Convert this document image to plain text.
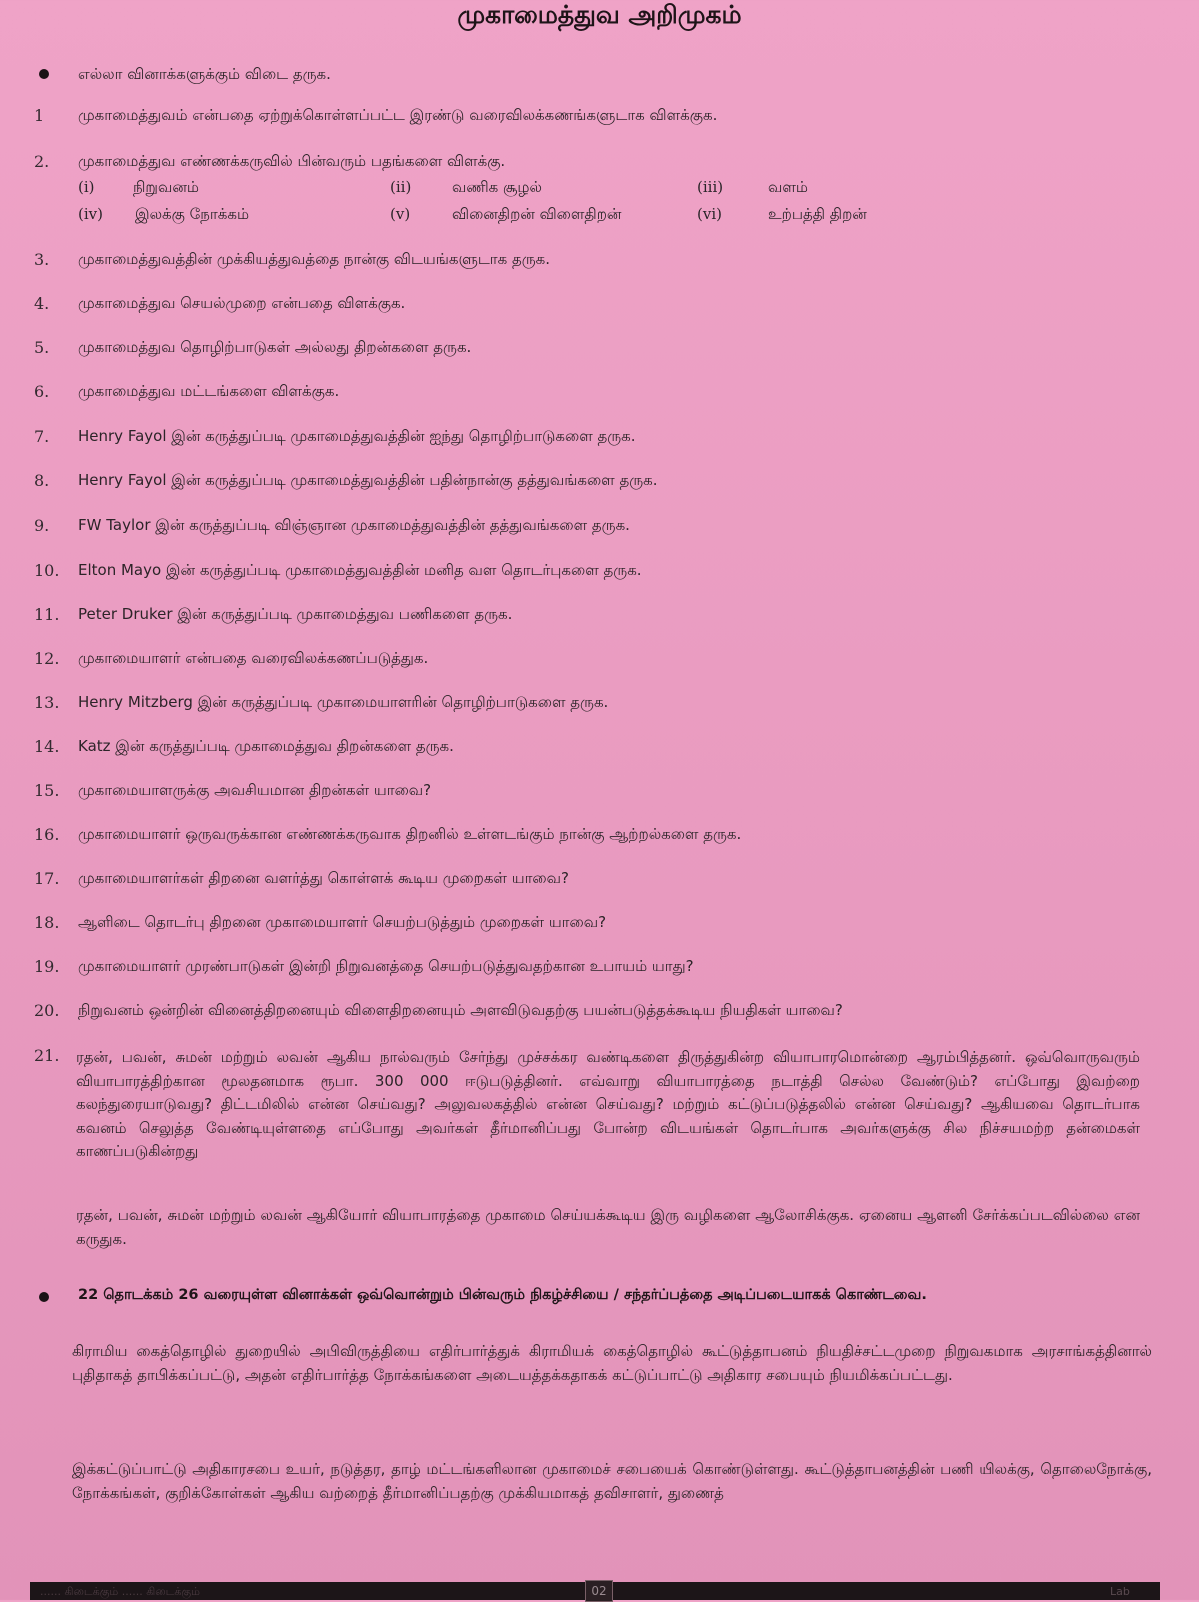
முகாமைத்துவ அறிமுகம்
எல்லா வினாக்களுக்கும் விடை தருக.
1 முகாமைத்துவம் என்பதை ஏற்றுக்கொள்ளப்பட்ட இரண்டு வரைவிலக்கணங்களுடாக விளக்குக.
2. முகாமைத்துவ எண்ணக்கருவில் பின்வரும் பதங்களை விளக்கு.
(i)	நிறுவனம்	(ii)	வணிக சூழல்	(iii)	வளம்
(iv) இலக்கு நோக்கம்	(v)	வினைதிறன் விளைதிறன்	(vi)	உற்பத்தி திறன்
3. முகாமைத்துவத்தின் முக்கியத்துவத்தை நான்கு விடயங்களுடாக தருக.
4. முகாமைத்துவ செயல்முறை என்பதை விளக்குக.
5. முகாமைத்துவ தொழிற்பாடுகள் அல்லது திறன்களை தருக.
6. முகாமைத்துவ மட்டங்களை விளக்குக.
7. Henry Fayol இன் கருத்துப்படி முகாமைத்துவத்தின் ஐந்து தொழிற்பாடுகளை தருக.
8. Henry Fayol இன் கருத்துப்படி முகாமைத்துவத்தின் பதின்நான்கு தத்துவங்களை தருக.
9. FW Taylor இன் கருத்துப்படி விஞ்ஞான முகாமைத்துவத்தின் தத்துவங்களை தருக.
10. Elton Mayo இன் கருத்துப்படி முகாமைத்துவத்தின் மனித வள தொடர்புகளை தருக.
11. Peter Druker இன் கருத்துப்படி முகாமைத்துவ பணிகளை தருக.
12. முகாமையாளர் என்பதை வரைவிலக்கணப்படுத்துக.
13. Henry Mitzberg இன் கருத்துப்படி முகாமையாளரின் தொழிற்பாடுகளை தருக.
14. Katz இன் கருத்துப்படி முகாமைத்துவ திறன்களை தருக.
15. முகாமையாளருக்கு அவசியமான திறன்கள் யாவை?
16. முகாமையாளர் ஒருவருக்கான எண்ணக்கருவாக திறனில் உள்ளடங்கும் நான்கு ஆற்றல்களை தருக.
17. முகாமையாளர்கள் திறனை வளர்த்து கொள்ளக் கூடிய முறைகள் யாவை?
18. ஆளிடை தொடர்பு திறனை முகாமையாளர் செயற்படுத்தும் முறைகள் யாவை?
19. முகாமையாளர் முரண்பாடுகள் இன்றி நிறுவனத்தை செயற்படுத்துவதற்கான உபாயம் யாது?
20. நிறுவனம் ஒன்றின் வினைத்திறனையும் விளைதிறனையும் அளவிடுவதற்கு பயன்படுத்தக்கூடிய நியதிகள் யாவை?
21. ரதன், பவன், சுமன் மற்றும் லவன் ஆகிய நால்வரும் சேர்ந்து முச்சக்கர வண்டிகளை திருத்துகின்ற வியாபாரமொன்றை ஆரம்பித்தனர். ஒவ்வொருவரும் வியாபாரத்திற்கான மூலதனமாக ரூபா. 300 000 ஈடுபடுத்தினர். எவ்வாறு வியாபாரத்தை நடாத்தி செல்ல வேண்டும்? எப்போது இவற்றை கலந்துரையாடுவது? திட்டமிலில் என்ன செய்வது? அலுவலகத்தில் என்ன செய்வது? மற்றும் கட்டுப்படுத்தலில் என்ன செய்வது? ஆகியவை தொடர்பாக கவனம் செலுத்த வேண்டியுள்ளதை எப்போது அவர்கள் தீர்மானிப்பது போன்ற விடயங்கள் தொடர்பாக அவர்களுக்கு சில நிச்சயமற்ற தன்மைகள் காணப்படுகின்றது
ரதன், பவன், சுமன் மற்றும் லவன் ஆகியோர் வியாபாரத்தை முகாமை செய்யக்கூடிய இரு வழிகளை ஆலோசிக்குக. ஏனைய ஆளனி சேர்க்கப்படவில்லை என கருதுக.
22 தொடக்கம் 26 வரையுள்ள வினாக்கள் ஒவ்வொன்றும் பின்வரும் நிகழ்ச்சியை / சந்தர்ப்பத்தை அடிப்படையாகக் கொண்டவை.
கிராமிய கைத்தொழில் துறையில் அபிவிருத்தியை எதிர்பார்த்துக் கிராமியக் கைத்தொழில் கூட்டுத்தாபனம் நியதிச்சட்டமுறை நிறுவகமாக அரசாங்கத்தினால் புதிதாகத் தாபிக்கப்பட்டு, அதன் எதிர்பார்த்த நோக்கங்களை அடையத்தக்கதாகக் கட்டுப்பாட்டு அதிகார சபையும் நியமிக்கப்பட்டது.
இக்கட்டுப்பாட்டு அதிகாரசபை உயர், நடுத்தர, தாழ் மட்டங்களிலான முகாமைச் சபையைக் கொண்டுள்ளது. கூட்டுத்தாபனத்தின் பணி யிலக்கு, தொலைநோக்கு, நோக்கங்கள், குறிக்கோள்கள் ஆகிய வற்றைத் தீர்மானிப்பதற்கு முக்கியமாகத் தவிசாளர், துணைத்
...... கிடைக்கும் ...... கிடைக்கும்	02	Lab
